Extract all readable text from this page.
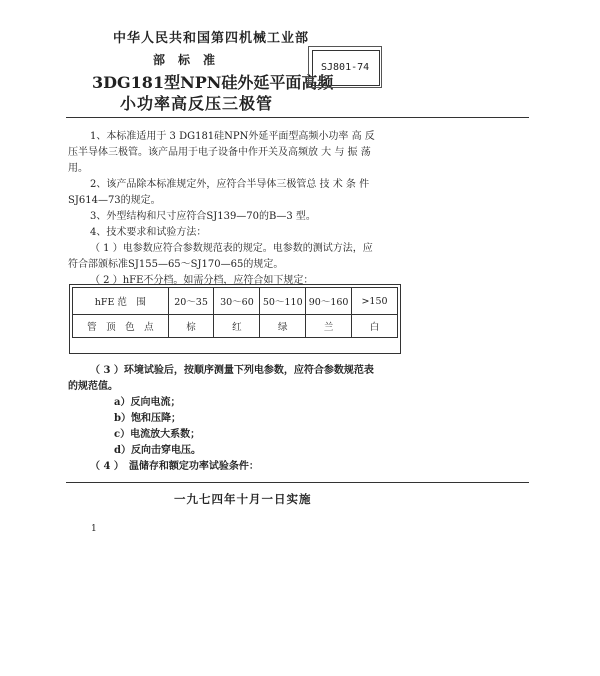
中华人民共和国第四机械工业部
部标准
3DG181型NPN硅外延平面高频
小功率高反压三极管
SJ801-74
1、本标准适用于 3 DG181硅NPN外延平面型高频小功率 高 反
压半导体三极管。该产品用于电子设备中作开关及高频放 大 与 振 荡
用。
2、该产品除本标准规定外，应符合半导体三极管总 技 术 条 件
SJ614—73的规定。
3、外型结构和尺寸应符合SJ139—70的B—3 型。
4、技术要求和试验方法：
（ 1 ）电参数应符合参数规范表的规定。电参数的测试方法，应
符合部颁标准SJ155—65～SJ170—65的规定。
（ 2 ）hFE不分档。如需分档，应符合如下规定：
hFE 范　围	20～35	30～60	50～110	90～160	>150
管　顶　色　点	棕	红	绿	兰	白
（ 3 ）环境试验后，按顺序测量下列电参数，应符合参数规范表
的规范值。
a）反向电流；
b）饱和压降；
c）电流放大系数；
d）反向击穿电压。
（ 4 ）　温储存和额定功率试验条件：
一九七四年十月一日实施
1
